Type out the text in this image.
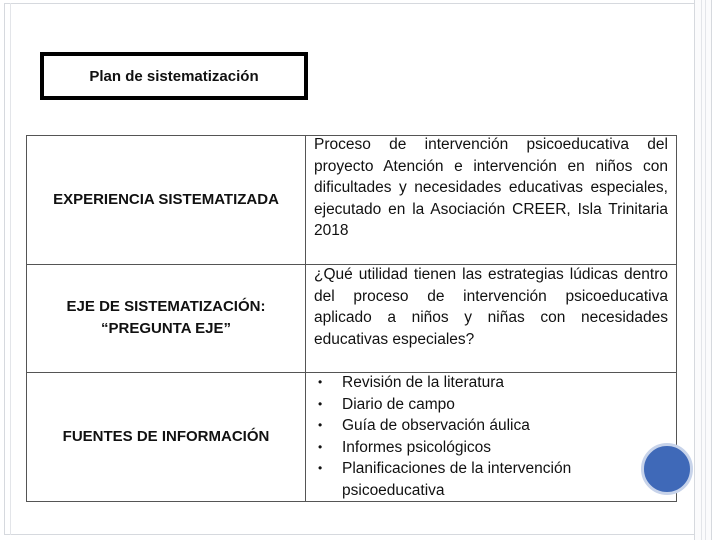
Plan de sistematización
EXPERIENCIA SISTEMATIZADA

Proceso de intervención psicoeducativa del proyecto Atención e intervención en niños con dificultades y necesidades educativas especiales, ejecutado en la Asociación CREER, Isla Trinitaria 2018

EJE DE SISTEMATIZACIÓN:
“PREGUNTA EJE”

¿Qué utilidad tienen las estrategias lúdicas dentro del proceso de intervención psicoeducativa aplicado a niños y niñas con necesidades educativas especiales?

FUENTES DE INFORMACIÓN
• Revisión de la literatura
• Diario de campo
• Guía de observación áulica
• Informes psicológicos
• Planificaciones de la intervención psicoeducativa
